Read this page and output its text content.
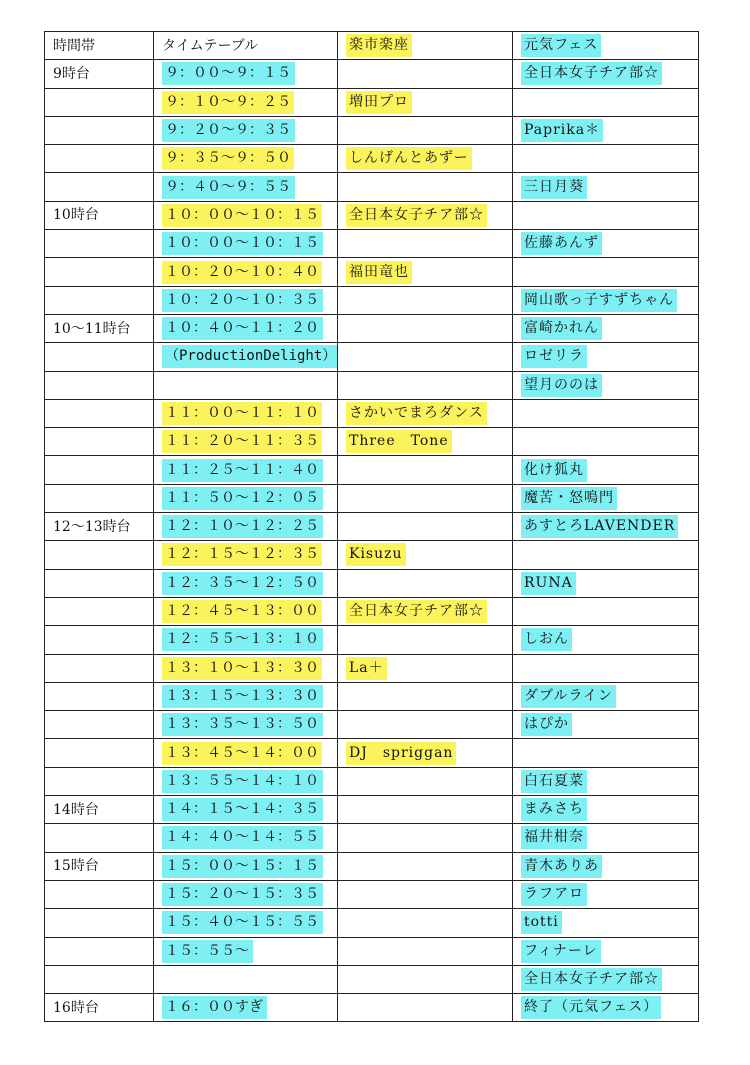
時間帯	タイムテーブル	楽市楽座	元気フェス
9時台	９：００〜９：１５		全日本女子チア部☆
	９：１０〜９：２５	増田プロ	
	９：２０〜９：３５		Paprika＊
	９：３５〜９：５０	しんげんとあずー	
	９：４０〜９：５５		三日月葵
10時台	１０：００〜１０：１５	全日本女子チア部☆	
	１０：００〜１０：１５		佐藤あんず
	１０：２０〜１０：４０	福田竜也	
	１０：２０〜１０：３５		岡山歌っ子すずちゃん
10〜11時台	１０：４０〜１１：２０		富崎かれん
	（ProductionDelight）		ロゼリラ
			望月ののは
	１１：００〜１１：１０	さかいでまろダンス	
	１１：２０〜１１：３５	Three　Tone	
	１１：２５〜１１：４０		化け狐丸
	１１：５０〜１２：０５		魔苦・怒鳴門
12〜13時台	１２：１０〜１２：２５		あすとろLAVENDER
	１２：１５〜１２：３５	Kisuzu	
	１２：３５〜１２：５０		RUNA
	１２：４５〜１３：００	全日本女子チア部☆	
	１２：５５〜１３：１０		しおん
	１３：１０〜１３：３０	La＋	
	１３：１５〜１３：３０		ダブルライン
	１３：３５〜１３：５０		はぴか
	１３：４５〜１４：００	DJ　spriggan	
	１３：５５〜１４：１０		白石夏菜
14時台	１４：１５〜１４：３５		まみさち
	１４：４０〜１４：５５		福井柑奈
15時台	１５：００〜１５：１５		青木ありあ
	１５：２０〜１５：３５		ラフアロ
	１５：４０〜１５：５５		totti
	１５：５５〜		フィナーレ
			全日本女子チア部☆
16時台	１６：００すぎ		終了（元気フェス）
